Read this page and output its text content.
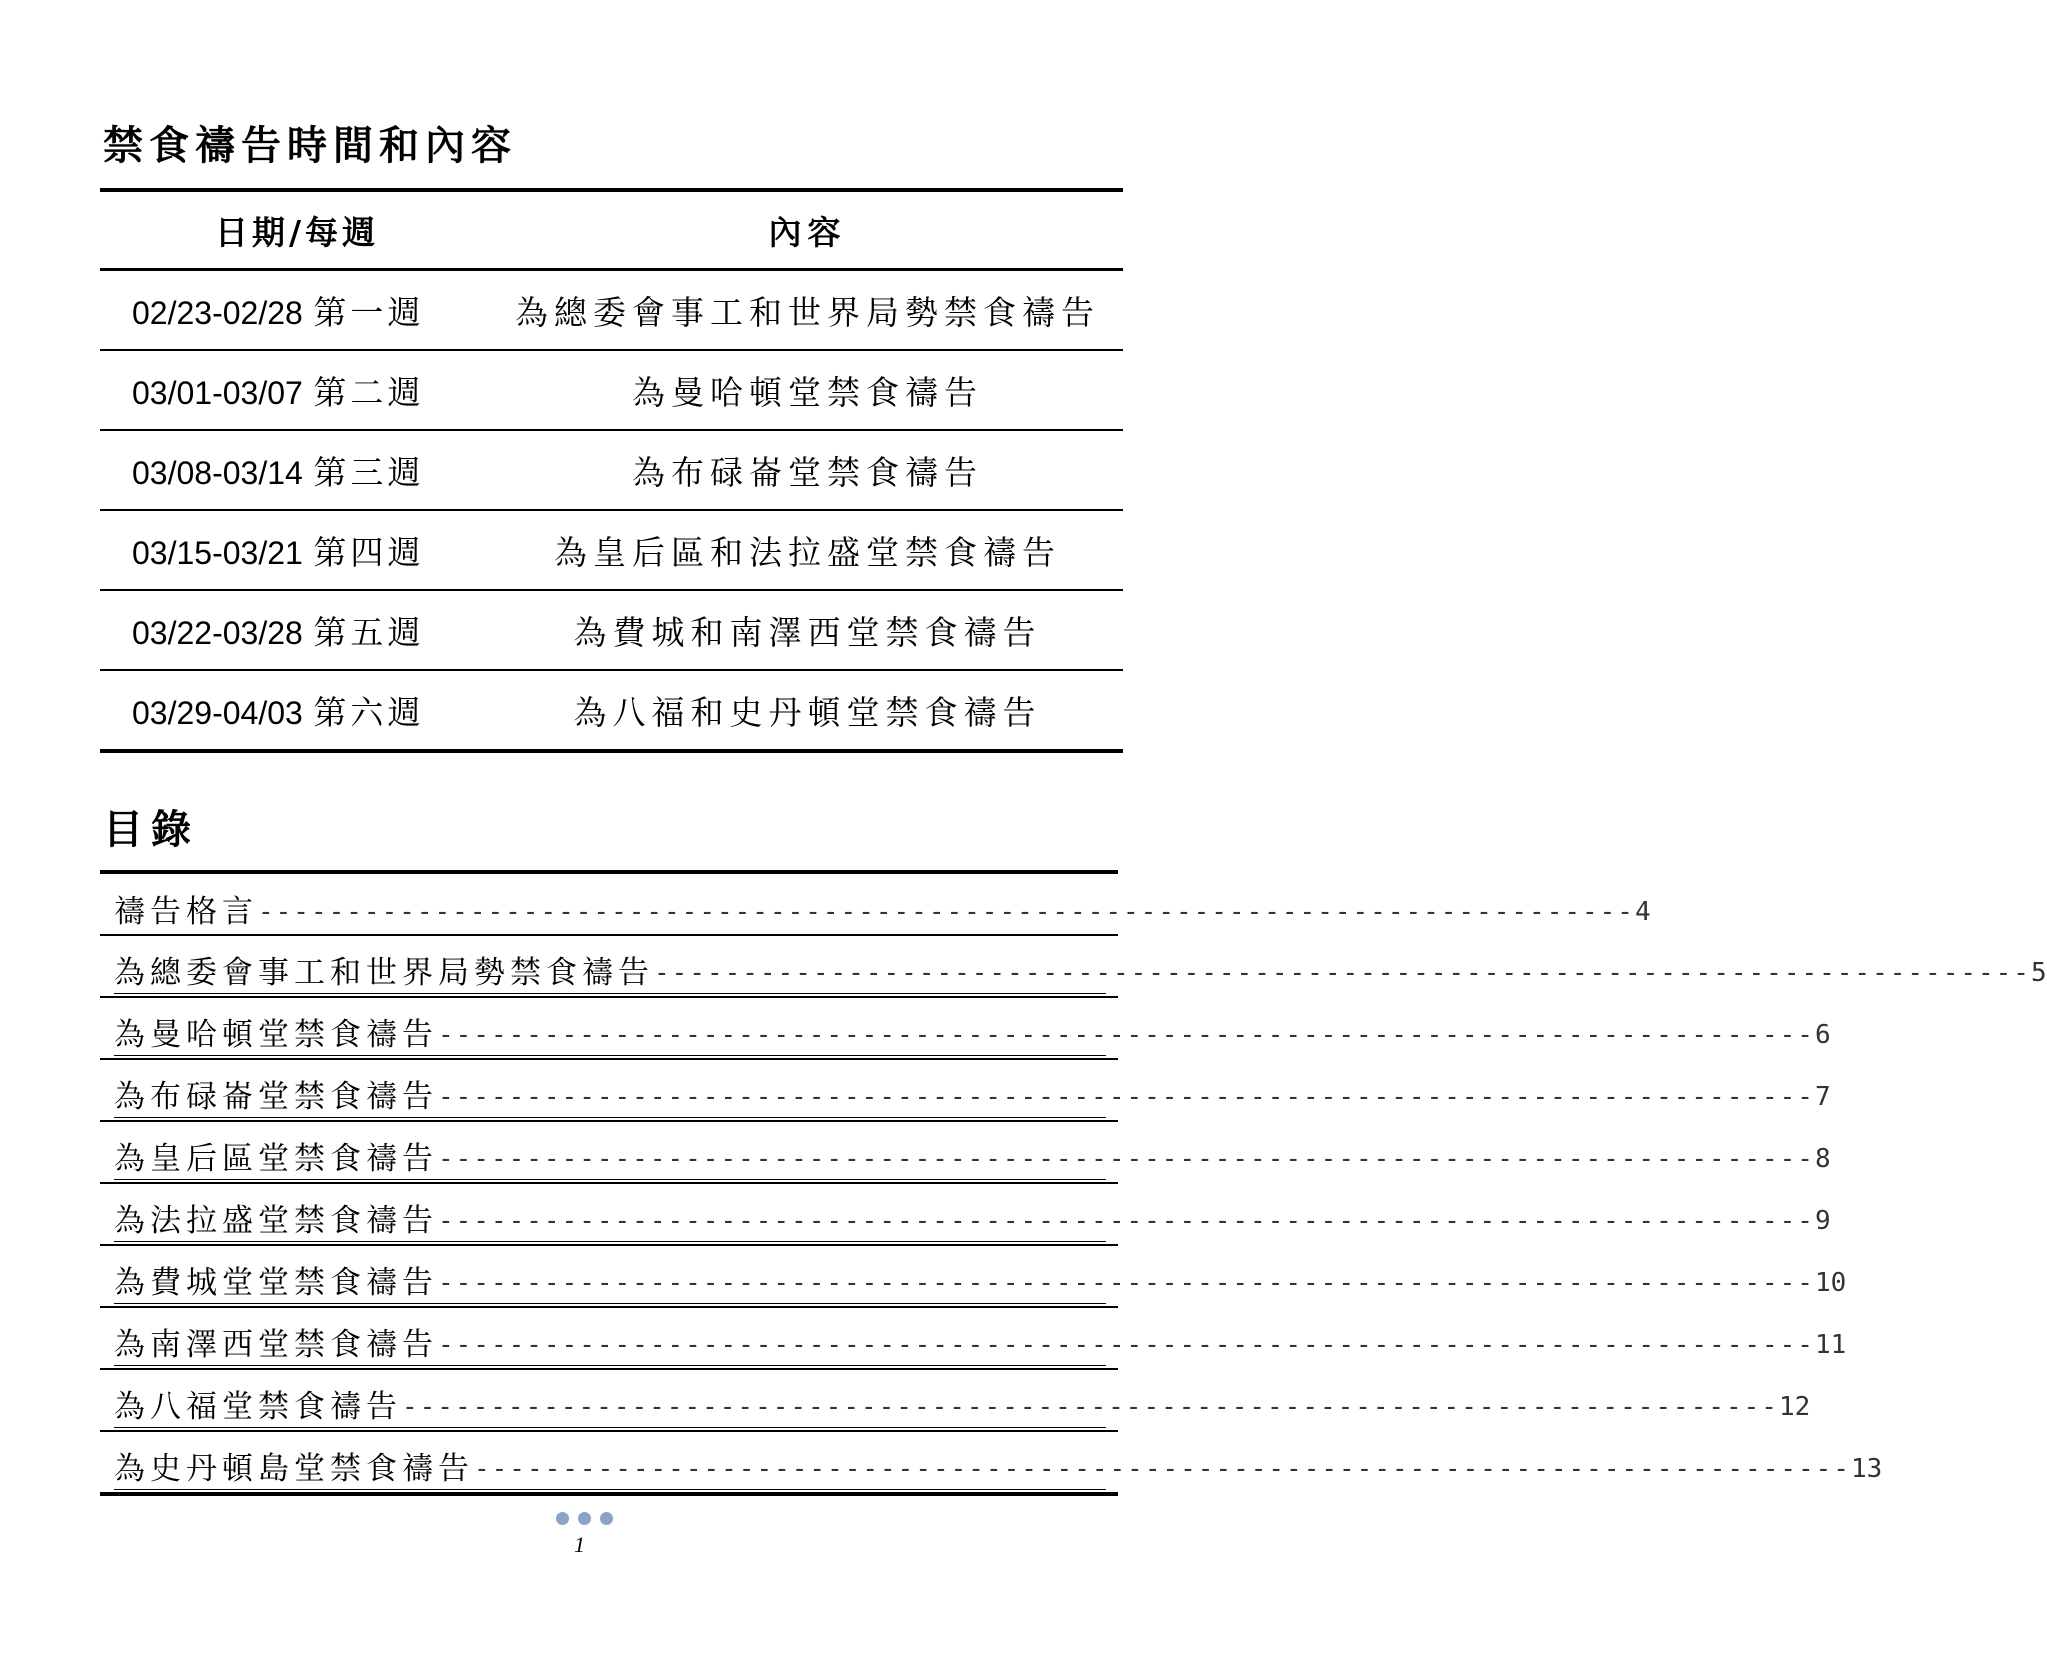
禁食禱告時間和內容
日期/每週	內容
02/23-02/28 第一週	為總委會事工和世界局勢禁食禱告
03/01-03/07 第二週	為曼哈頓堂禁食禱告
03/08-03/14 第三週	為布碌崙堂禁食禱告
03/15-03/21 第四週	為皇后區和法拉盛堂禁食禱告
03/22-03/28 第五週	為費城和南澤西堂禁食禱告
03/29-04/03 第六週	為八福和史丹頓堂禁食禱告
目錄
禱告格言 ------------------------------------------------------------------------------ 4
為總委會事工和世界局勢禁食禱告 ------------------------------------------------------------------------------ 5
為曼哈頓堂禁食禱告 ------------------------------------------------------------------------------ 6
為布碌崙堂禁食禱告 ------------------------------------------------------------------------------ 7
為皇后區堂禁食禱告 ------------------------------------------------------------------------------ 8
為法拉盛堂禁食禱告 ------------------------------------------------------------------------------ 9
為費城堂堂禁食禱告 ------------------------------------------------------------------------------ 10
為南澤西堂禁食禱告 ------------------------------------------------------------------------------ 11
為八福堂禁食禱告 ------------------------------------------------------------------------------ 12
為史丹頓島堂禁食禱告 ------------------------------------------------------------------------------ 13
1
